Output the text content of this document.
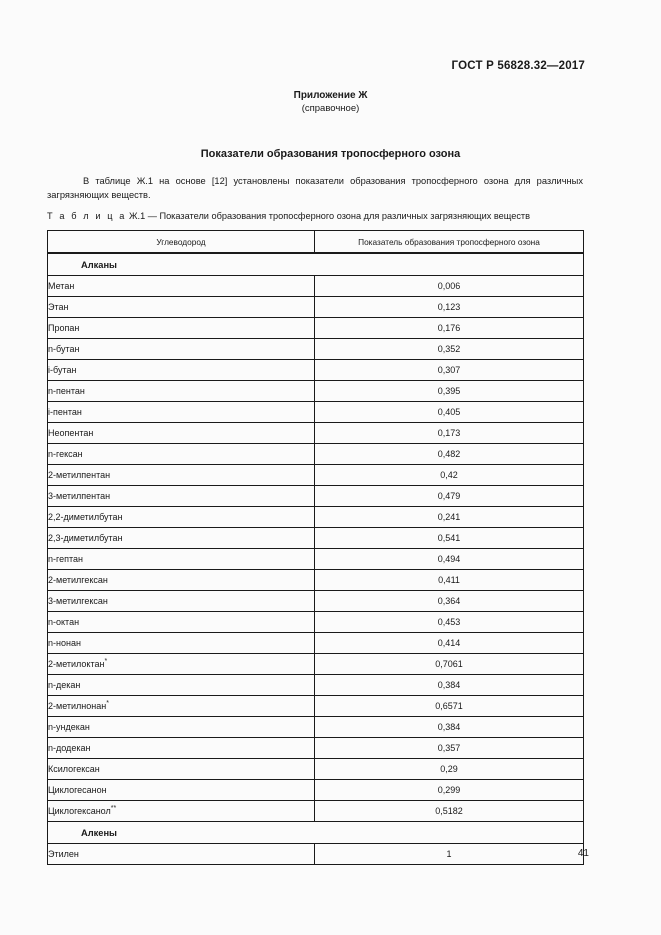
ГОСТ Р 56828.32—2017
Приложение Ж
(справочное)
Показатели образования тропосферного озона
В таблице Ж.1 на основе [12] установлены показатели образования тропосферного озона для различных загрязняющих веществ.
Т а б л и ц а Ж.1 — Показатели образования тропосферного озона для различных загрязняющих веществ
Углеводород	Показатель образования тропосферного озона
Алканы	
Метан	0,006
Этан	0,123
Пропан	0,176
n-бутан	0,352
i-бутан	0,307
n-пентан	0,395
i-пентан	0,405
Неопентан	0,173
n-гексан	0,482
2-метилпентан	0,42
3-метилпентан	0,479
2,2-диметилбутан	0,241
2,3-диметилбутан	0,541
n-гептан	0,494
2-метилгексан	0,411
3-метилгексан	0,364
n-октан	0,453
n-нонан	0,414
2-метилоктан*	0,7061
n-декан	0,384
2-метилнонан*	0,6571
n-ундекан	0,384
n-додекан	0,357
Ксилогексан	0,29
Циклогесанон	0,299
Циклогексанол**	0,5182
Алкены	
Этилен	1	41
